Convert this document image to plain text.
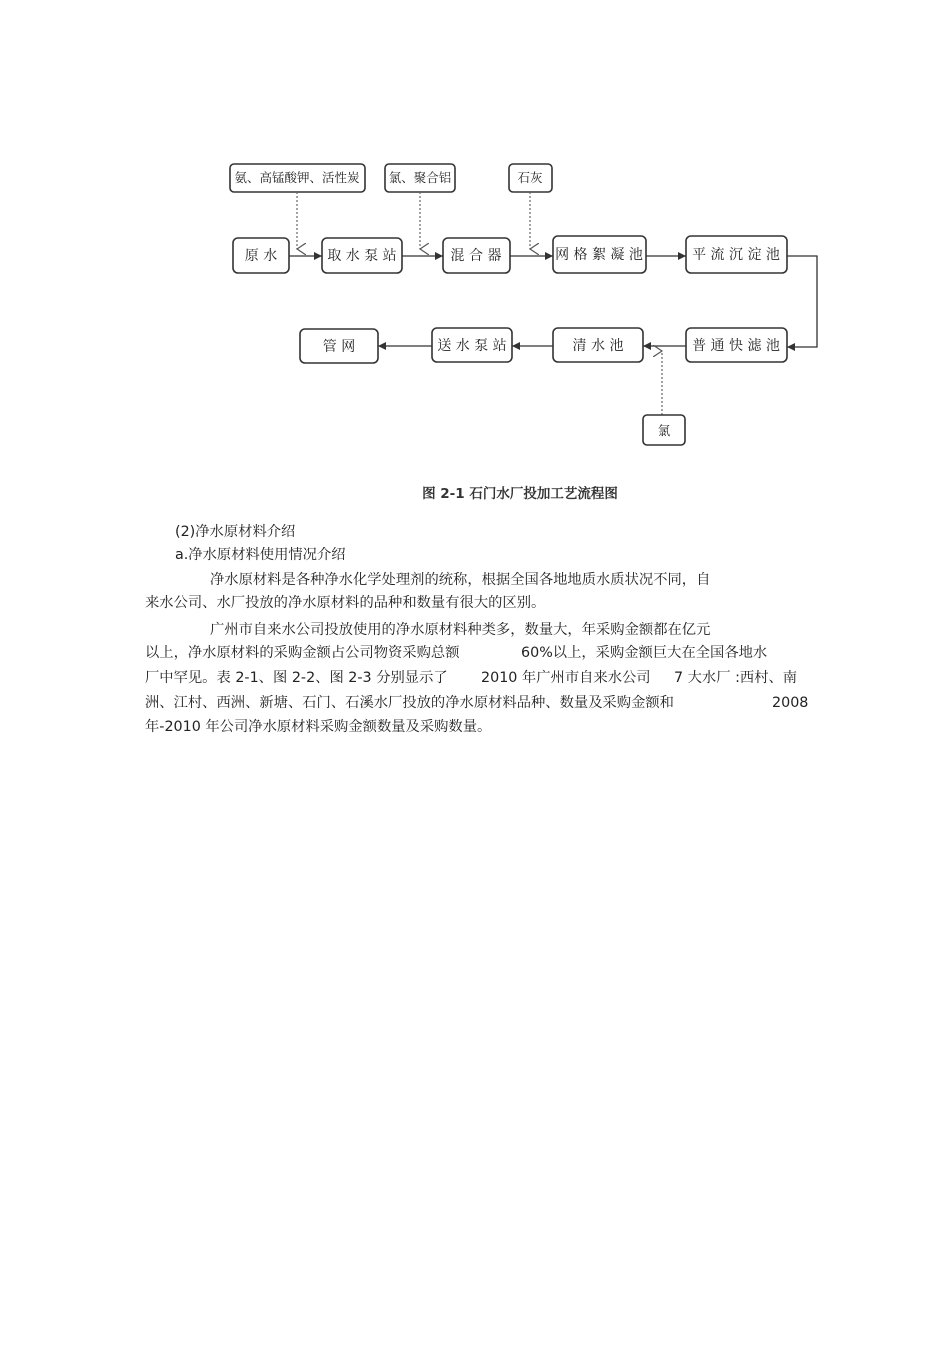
氨、高锰酸钾、活性炭 氯、聚合铝	石灰
原 水	取 水 泵 站	混 合 器	网 格 絮 凝 池	平 流 沉 淀 池
普 通 快 滤 池
清 水 池
送 水 泵 站
管 网
氯
图 2-1 石门水厂投加工艺流程图
(2)净水原材料介绍
a.净水原材料使用情况介绍
净水原材料是各种净水化学处理剂的统称，根据全国各地地质水质状况不同，自
来水公司、水厂投放的净水原材料的品种和数量有很大的区别。
广州市自来水公司投放使用的净水原材料种类多，数量大，年采购金额都在亿元
以上，净水原材料的采购金额占公司物资采购总额	60%以上，采购金额巨大在全国各地水
厂中罕见。表 2-1、图 2-2、图 2-3 分别显示了 2010 年广州市自来水公司 7 大水厂 :西村、南
洲、江村、西洲、新塘、石门、石溪水厂投放的净水原材料品种、数量及采购金额和	2008
年-2010 年公司净水原材料采购金额数量及采购数量。
